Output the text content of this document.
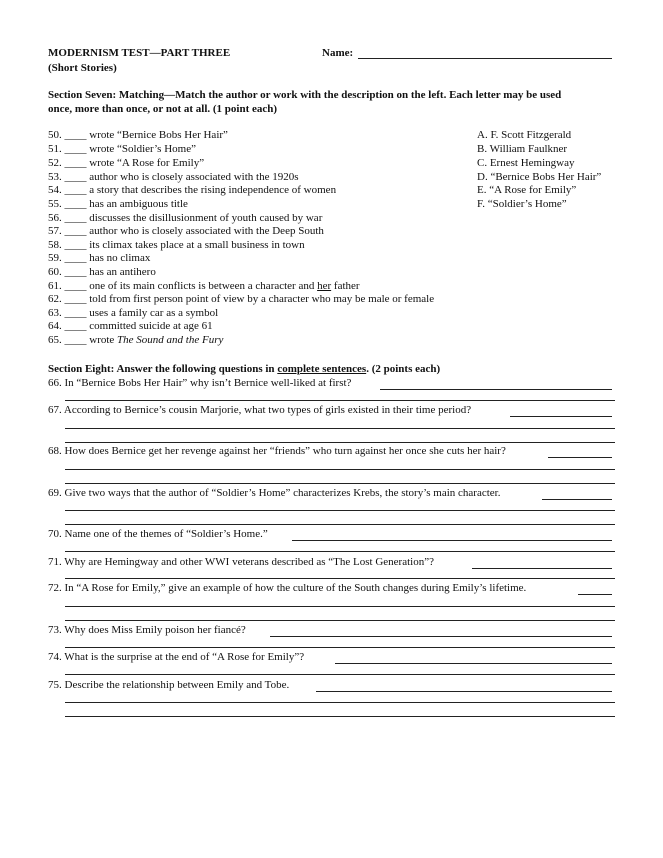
MODERNISM TEST—PART THREE
(Short Stories)
Name:
Section Seven: Matching—Match the author or work with the description on the left. Each letter may be used
once, more than once, or not at all. (1 point each)
50. ____ wrote “Bernice Bobs Her Hair”
51. ____ wrote “Soldier’s Home”
52. ____ wrote “A Rose for Emily”
53. ____ author who is closely associated with the 1920s
54. ____ a story that describes the rising independence of women
55. ____ has an ambiguous title
56. ____ discusses the disillusionment of youth caused by war
57. ____ author who is closely associated with the Deep South
58. ____ its climax takes place at a small business in town
59. ____ has no climax
60. ____ has an antihero
61. ____ one of its main conflicts is between a character and her father
62. ____ told from first person point of view by a character who may be male or female
63. ____ uses a family car as a symbol
64. ____ committed suicide at age 61
65. ____ wrote The Sound and the Fury
A. F. Scott Fitzgerald
B. William Faulkner
C. Ernest Hemingway
D. “Bernice Bobs Her Hair”
E. “A Rose for Emily”
F. “Soldier’s Home”
Section Eight: Answer the following questions in complete sentences. (2 points each)
66. In “Bernice Bobs Her Hair” why isn’t Bernice well-liked at first?
67. According to Bernice’s cousin Marjorie, what two types of girls existed in their time period?
68. How does Bernice get her revenge against her “friends” who turn against her once she cuts her hair?
69. Give two ways that the author of “Soldier’s Home” characterizes Krebs, the story’s main character.
70. Name one of the themes of “Soldier’s Home.”
71. Why are Hemingway and other WWI veterans described as “The Lost Generation”?
72. In “A Rose for Emily,” give an example of how the culture of the South changes during Emily’s lifetime.
73. Why does Miss Emily poison her fiancé?
74. What is the surprise at the end of “A Rose for Emily”?
75. Describe the relationship between Emily and Tobe.
